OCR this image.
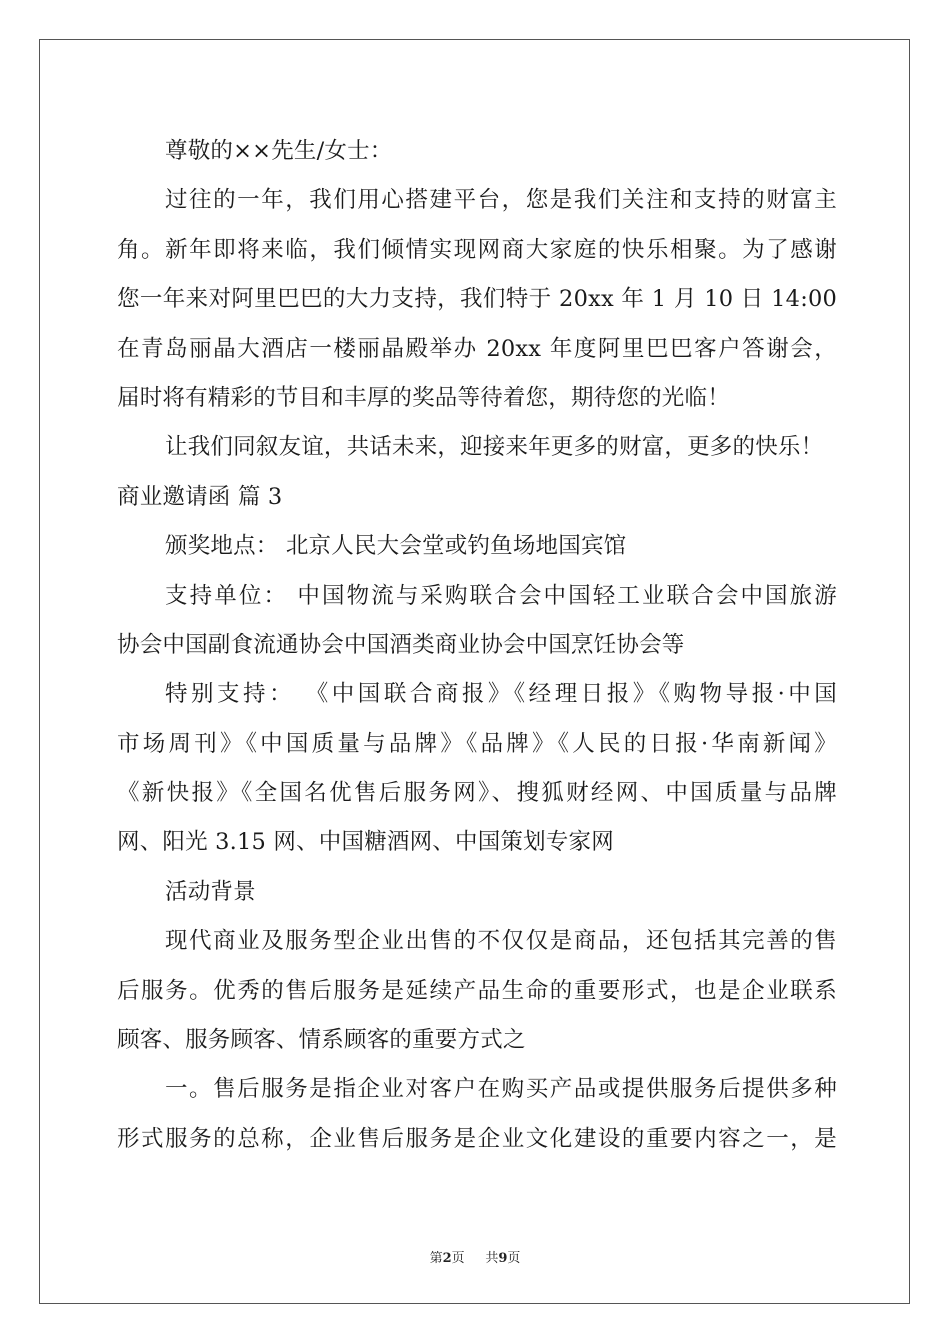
尊敬的××先生/女士：
过往的一年，我们用心搭建平台，您是我们关注和支持的财富主
角。新年即将来临，我们倾情实现网商大家庭的快乐相聚。为了感谢
您一年来对阿里巴巴的大力支持，我们特于 20xx 年 1 月 10 日 14:00
在青岛丽晶大酒店一楼丽晶殿举办 20xx 年度阿里巴巴客户答谢会，
届时将有精彩的节目和丰厚的奖品等待着您，期待您的光临！
让我们同叙友谊，共话未来，迎接来年更多的财富，更多的快乐！
商业邀请函 篇 3
颁奖地点： 北京人民大会堂或钓鱼场地国宾馆
支持单位： 中国物流与采购联合会中国轻工业联合会中国旅游
协会中国副食流通协会中国酒类商业协会中国烹饪协会等
特别支持： 《中国联合商报》《经理日报》《购物导报·中国
市场周刊》《中国质量与品牌》《品牌》《人民的日报·华南新闻》
《新快报》《全国名优售后服务网》、搜狐财经网、中国质量与品牌
网、阳光 3.15 网、中国糖酒网、中国策划专家网
活动背景
现代商业及服务型企业出售的不仅仅是商品，还包括其完善的售
后服务。优秀的售后服务是延续产品生命的重要形式，也是企业联系
顾客、服务顾客、情系顾客的重要方式之
一。售后服务是指企业对客户在购买产品或提供服务后提供多种
形式服务的总称，企业售后服务是企业文化建设的重要内容之一，是
第2页 共9页
